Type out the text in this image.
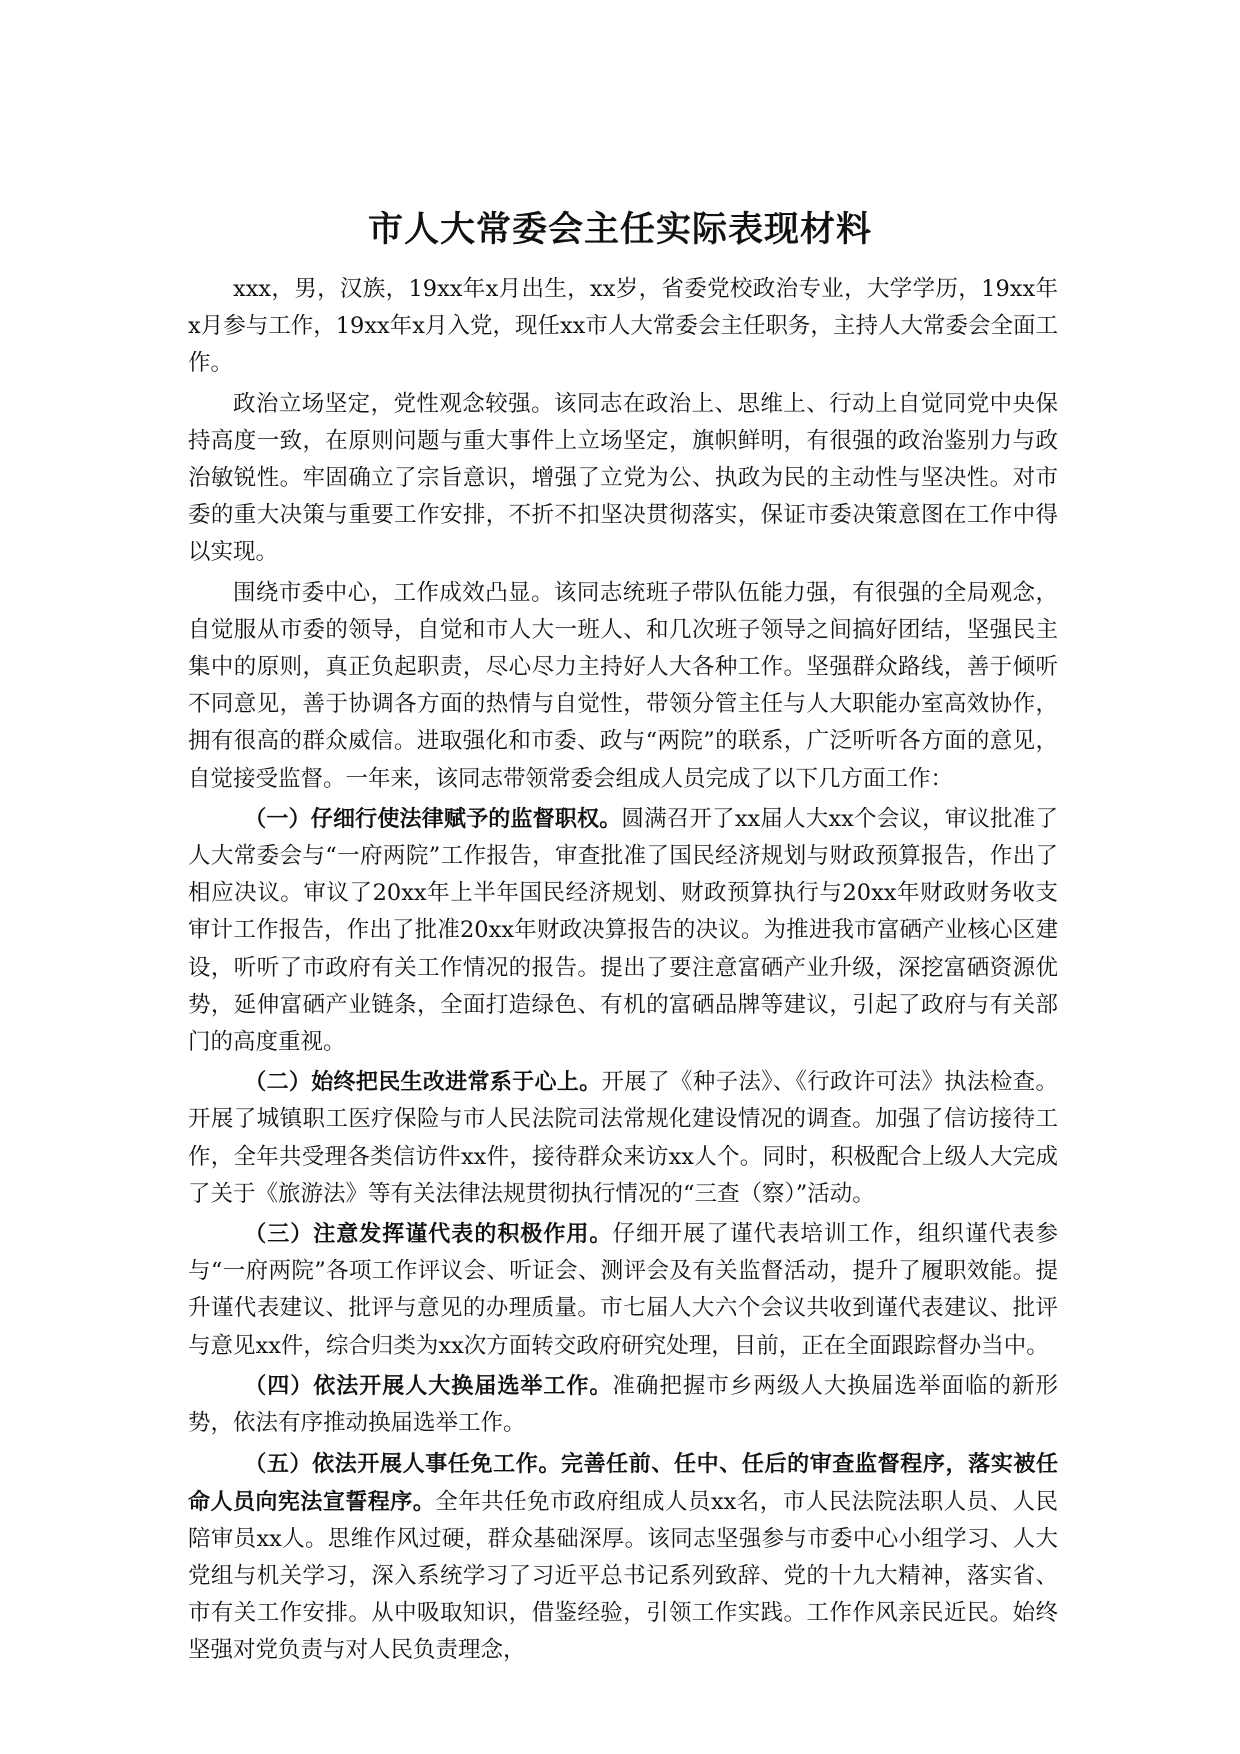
市人大常委会主任实际表现材料

xxx，男，汉族，19xx年x月出生，xx岁，省委党校政治专业，大学学历，19xx年x月参与工作，19xx年x月入党，现任xx市人大常委会主任职务，主持人大常委会全面工作。

政治立场坚定，党性观念较强。该同志在政治上、思维上、行动上自觉同党中央保持高度一致，在原则问题与重大事件上立场坚定，旗帜鲜明，有很强的政治鉴别力与政治敏锐性。牢固确立了宗旨意识，增强了立党为公、执政为民的主动性与坚决性。对市委的重大决策与重要工作安排，不折不扣坚决贯彻落实，保证市委决策意图在工作中得以实现。

围绕市委中心，工作成效凸显。该同志统班子带队伍能力强，有很强的全局观念，自觉服从市委的领导，自觉和市人大一班人、和几次班子领导之间搞好团结，坚强民主集中的原则，真正负起职责，尽心尽力主持好人大各种工作。坚强群众路线，善于倾听不同意见，善于协调各方面的热情与自觉性，带领分管主任与人大职能办室高效协作，拥有很高的群众威信。进取强化和市委、政与“两院”的联系，广泛听听各方面的意见，自觉接受监督。一年来，该同志带领常委会组成人员完成了以下几方面工作：

（一）仔细行使法律赋予的监督职权。圆满召开了xx届人大xx个会议，审议批准了人大常委会与“一府两院”工作报告，审查批准了国民经济规划与财政预算报告，作出了相应决议。审议了20xx年上半年国民经济规划、财政预算执行与20xx年财政财务收支审计工作报告，作出了批准20xx年财政决算报告的决议。为推进我市富硒产业核心区建设，听听了市政府有关工作情况的报告。提出了要注意富硒产业升级，深挖富硒资源优势，延伸富硒产业链条，全面打造绿色、有机的富硒品牌等建议，引起了政府与有关部门的高度重视。

（二）始终把民生改进常系于心上。开展了《种子法》、《行政许可法》执法检查。开展了城镇职工医疗保险与市人民法院司法常规化建设情况的调查。加强了信访接待工作，全年共受理各类信访件xx件，接待群众来访xx人个。同时，积极配合上级人大完成了关于《旅游法》等有关法律法规贯彻执行情况的“三查（察）”活动。

（三）注意发挥谨代表的积极作用。仔细开展了谨代表培训工作，组织谨代表参与“一府两院”各项工作评议会、听证会、测评会及有关监督活动，提升了履职效能。提升谨代表建议、批评与意见的办理质量。市七届人大六个会议共收到谨代表建议、批评与意见xx件，综合归类为xx次方面转交政府研究处理，目前，正在全面跟踪督办当中。

（四）依法开展人大换届选举工作。准确把握市乡两级人大换届选举面临的新形势，依法有序推动换届选举工作。

（五）依法开展人事任免工作。完善任前、任中、任后的审查监督程序，落实被任命人员向宪法宣誓程序。全年共任免市政府组成人员xx名，市人民法院法职人员、人民陪审员xx人。思维作风过硬，群众基础深厚。该同志坚强参与市委中心小组学习、人大党组与机关学习，深入系统学习了习近平总书记系列致辞、党的十九大精神，落实省、市有关工作安排。从中吸取知识，借鉴经验，引领工作实践。工作作风亲民近民。始终坚强对党负责与对人民负责理念，
